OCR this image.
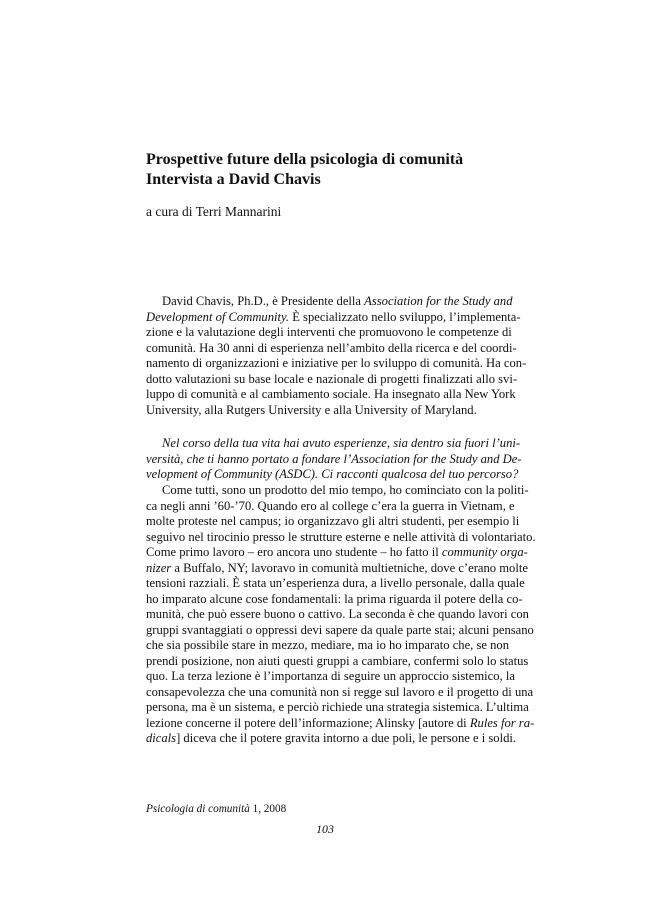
Prospettive future della psicologia di comunità
Intervista a David Chavis
a cura di Terri Mannarini
David Chavis, Ph.D., è Presidente della Association for the Study and
Development of Community. È specializzato nello sviluppo, l’implementa-
zione e la valutazione degli interventi che promuovono le competenze di
comunità. Ha 30 anni di esperienza nell’ambito della ricerca e del coordi-
namento di organizzazioni e iniziative per lo sviluppo di comunità. Ha con-
dotto valutazioni su base locale e nazionale di progetti finalizzati allo svi-
luppo di comunità e al cambiamento sociale. Ha insegnato alla New York
University, alla Rutgers University e alla University of Maryland.
Nel corso della tua vita hai avuto esperienze, sia dentro sia fuori l’uni-
versità, che ti hanno portato a fondare l’Association for the Study and De-
velopment of Community (ASDC). Ci racconti qualcosa del tuo percorso?
Come tutti, sono un prodotto del mio tempo, ho cominciato con la politi-
ca negli anni ’60-’70. Quando ero al college c’era la guerra in Vietnam, e
molte proteste nel campus; io organizzavo gli altri studenti, per esempio li
seguivo nel tirocinio presso le strutture esterne e nelle attività di volontariato.
Come primo lavoro – ero ancora uno studente – ho fatto il community orga-
nizer a Buffalo, NY; lavoravo in comunità multietniche, dove c’erano molte
tensioni razziali. È stata un’esperienza dura, a livello personale, dalla quale
ho imparato alcune cose fondamentali: la prima riguarda il potere della co-
munità, che può essere buono o cattivo. La seconda è che quando lavori con
gruppi svantaggiati o oppressi devi sapere da quale parte stai; alcuni pensano
che sia possibile stare in mezzo, mediare, ma io ho imparato che, se non
prendi posizione, non aiuti questi gruppi a cambiare, confermi solo lo status
quo. La terza lezione è l’importanza di seguire un approccio sistemico, la
consapevolezza che una comunità non si regge sul lavoro e il progetto di una
persona, ma è un sistema, e perciò richiede una strategia sistemica. L’ultima
lezione concerne il potere dell’informazione; Alinsky [autore di Rules for ra-
dicals] diceva che il potere gravita intorno a due poli, le persone e i soldi.
Psicologia di comunità 1, 2008
103
